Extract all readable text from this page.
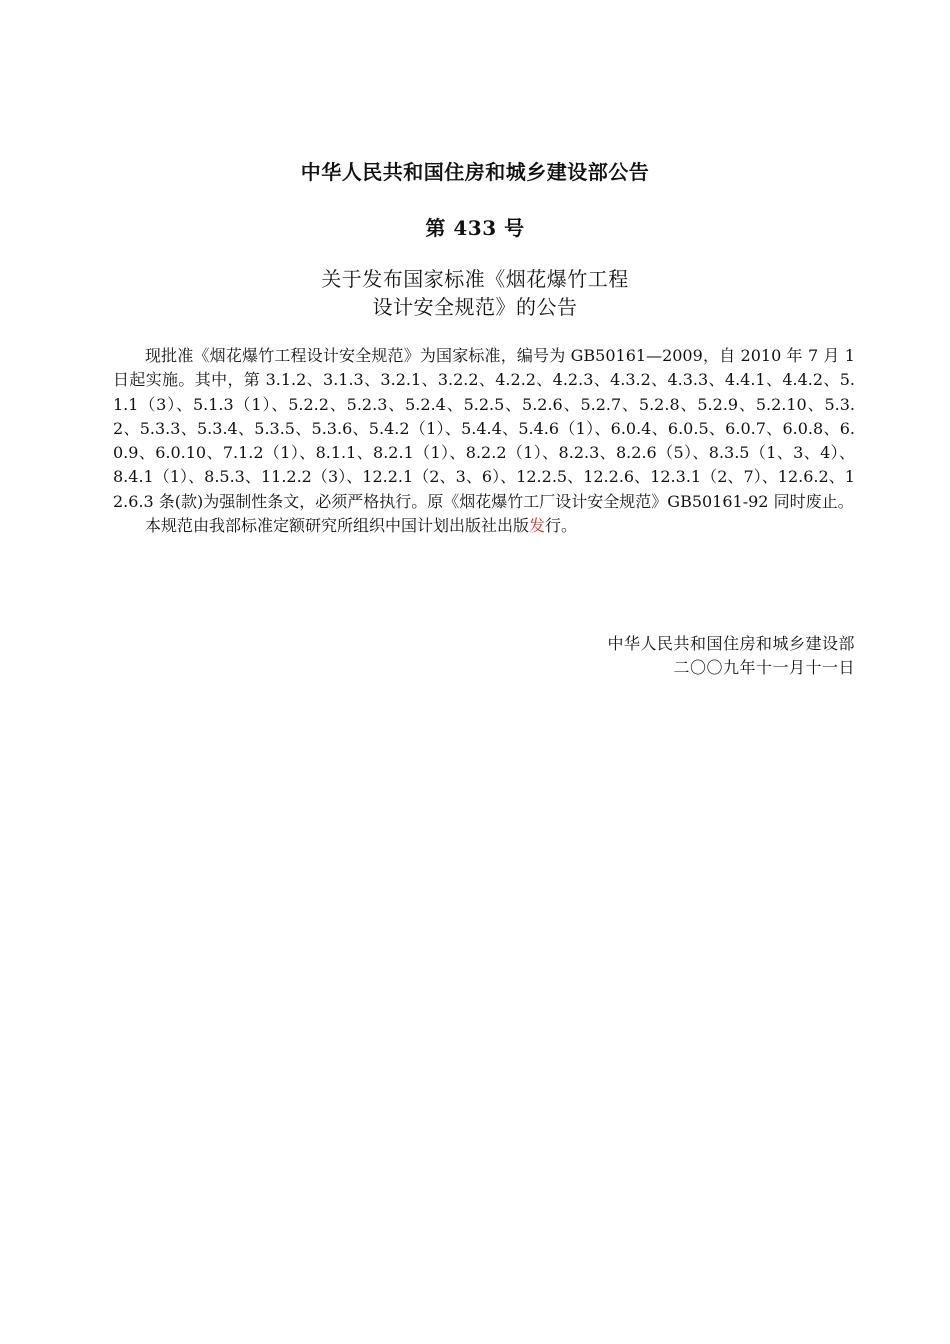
中华人民共和国住房和城乡建设部公告
第 433 号
关于发布国家标准《烟花爆竹工程
设计安全规范》的公告

现批准《烟花爆竹工程设计安全规范》为国家标准，编号为 GB50161—2009，自 2010 年 7 月 1 日起实施。其中，第 3.1.2、3.1.3、3.2.1、3.2.2、4.2.2、4.2.3、4.3.2、4.3.3、4.4.1、4.4.2、5.1.1（3）、5.1.3（1）、5.2.2、5.2.3、5.2.4、5.2.5、5.2.6、5.2.7、5.2.8、5.2.9、5.2.10、5.3.2、5.3.3、5.3.4、5.3.5、5.3.6、5.4.2（1）、5.4.4、5.4.6（1）、6.0.4、6.0.5、6.0.7、6.0.8、6.0.9、6.0.10、7.1.2（1）、8.1.1、8.2.1（1）、8.2.2（1）、8.2.3、8.2.6（5）、8.3.5（1、3、4）、8.4.1（1）、8.5.3、11.2.2（3）、12.2.1（2、3、6）、12.2.5、12.2.6、12.3.1（2、7）、12.6.2、12.6.3 条(款)为强制性条文，必须严格执行。原《烟花爆竹工厂设计安全规范》GB50161-92 同时废止。

本规范由我部标准定额研究所组织中国计划出版社出版发行。

中华人民共和国住房和城乡建设部
二〇〇九年十一月十一日
